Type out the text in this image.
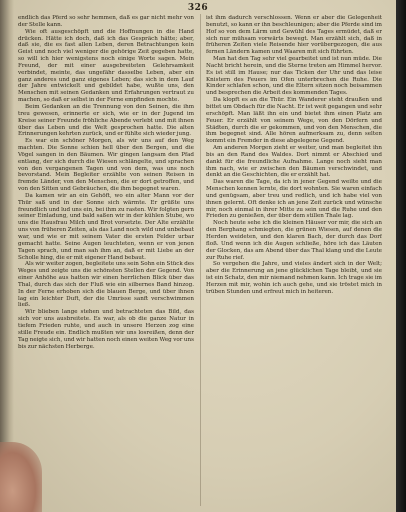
326

endlich das Pferd so sehr hemmen, daß es gar nicht mehr von der Stelle kann.

Wie oft ausgeschöpft und die Hoffnungen in die Hand drücken. Hätte ich doch, daß ich das Gespräch hätte; aber, daß sie, die es fast allen Leben, deren Betrachtungen kein Geist und noch viel weniger die gehörige Zeit gegeben hatte, so will ich hier wenigstens noch einige Worte sagen. Mein Freund, der mit einer ausgebreiteten Gelehrsamkeit verbindet, meinte, das ungefähr dasselbe Leben, aber ein ganz anderes und ganz eigenes Leben; das sich in dem Lauf der Jahre entwickelt und gebildet habe, wußte uns, den Menschen mit seinen Gedanken und Erfahrungen vertraut zu machen, so daß er selbst in der Ferne empfinden mochte.

Beim Gedanken an die Trennung von den Seinen, die ihm treu gewesen, erinnerte er sich, wie er in der Jugend im Kreise seiner Freunde fröhliche Abende verlebt und mit ihnen über das Leben und die Welt gesprochen hatte. Die alten Erinnerungen kehrten zurück, und er fühlte sich wieder jung.

Es war ein schöner Morgen, als wir uns auf den Weg machten. Die Sonne schien hell über den Bergen, und die Vögel sangen in den Bäumen. Wir gingen langsam den Pfad entlang, der sich durch die Wiesen schlängelte, und sprachen von den vergangenen Tagen und von dem, was uns noch bevorstand. Mein Begleiter erzählte von seinen Reisen in fremde Länder, von den Menschen, die er dort getroffen, und von den Sitten und Gebräuchen, die ihm begegnet waren.

Da kamen wir an ein Gehöft, wo ein alter Mann vor der Thür saß und in der Sonne sich wärmte. Er grüßte uns freundlich und lud uns ein, bei ihm zu rasten. Wir folgten gern seiner Einladung, und bald saßen wir in der kühlen Stube, wo uns die Hausfrau Milch und Brot vorsetzte. Der Alte erzählte uns von früheren Zeiten, als das Land noch wild und unbebaut war, und wie er mit seinem Vater die ersten Felder urbar gemacht hatte. Seine Augen leuchteten, wenn er von jenen Tagen sprach, und man sah ihm an, daß er mit Liebe an der Scholle hing, die er mit eigener Hand bebaut.

Als wir weiter zogen, begleitete uns sein Sohn ein Stück des Weges und zeigte uns die schönsten Stellen der Gegend. Von einer Anhöhe aus hatten wir einen herrlichen Blick über das Thal, durch das sich der Fluß wie ein silbernes Band hinzog. In der Ferne erhoben sich die blauen Berge, und über ihnen lag ein leichter Duft, der die Umrisse sanft verschwimmen ließ.

Wir blieben lange stehen und betrachteten das Bild, das sich vor uns ausbreitete. Es war, als ob die ganze Natur in tiefem Frieden ruhte, und auch in unsere Herzen zog eine stille Freude ein. Endlich mußten wir uns losreißen, denn der Tag neigte sich, und wir hatten noch einen weiten Weg vor uns bis zur nächsten Herberge.

ist ihm dadurch verschlossen. Wenn er aber die Gelegenheit benutzt, so kann er ihn beschleunigen; aber die Pferde sind im Hof so von dem Lärm und Gewühl des Tages ermüdet, daß er sich nur mühsam vorwärts bewegt. Man erzählt sich, daß in früheren Zeiten viele Reisende hier vorübergezogen, die aus fernen Ländern kamen und Waaren mit sich führten.

Man hat den Tag sehr viel gearbeitet und ist nun müde. Die Nacht bricht herein, und die Sterne treten am Himmel hervor. Es ist still im Hause; nur das Ticken der Uhr und das leise Knistern des Feuers im Ofen unterbrechen die Ruhe. Die Kinder schlafen schon, und die Eltern sitzen noch beisammen und besprechen die Arbeit des kommenden Tages.

Da klopft es an die Thür. Ein Wanderer steht draußen und bittet um Obdach für die Nacht. Er ist weit gegangen und sehr erschöpft. Man läßt ihn ein und bietet ihm einen Platz am Feuer. Er erzählt von seinem Wege, von den Dörfern und Städten, durch die er gekommen, und von den Menschen, die ihm begegnet sind. Alle hören aufmerksam zu, denn selten kommt ein Fremder in diese abgelegene Gegend.

Am anderen Morgen zieht er weiter, und man begleitet ihn bis an den Rand des Waldes. Dort nimmt er Abschied und dankt für die freundliche Aufnahme. Lange noch sieht man ihm nach, wie er zwischen den Bäumen verschwindet, und denkt an die Geschichten, die er erzählt hat.

Das waren die Tage, da ich in jener Gegend weilte und die Menschen kennen lernte, die dort wohnten. Sie waren einfach und genügsam, aber treu und redlich, und ich habe viel von ihnen gelernt. Oft denke ich an jene Zeit zurück und wünsche mir, noch einmal in ihrer Mitte zu sein und die Ruhe und den Frieden zu genießen, der über dem stillen Thale lag.

Noch heute sehe ich die kleinen Häuser vor mir, die sich an den Berghang schmiegten, die grünen Wiesen, auf denen die Herden weideten, und den klaren Bach, der durch das Dorf floß. Und wenn ich die Augen schließe, höre ich das Läuten der Glocken, das am Abend über das Thal klang und die Leute zur Ruhe rief.

So vergehen die Jahre, und vieles ändert sich in der Welt; aber die Erinnerung an jene glücklichen Tage bleibt, und sie ist ein Schatz, den mir niemand nehmen kann. Ich trage sie im Herzen mit mir, wohin ich auch gehe, und sie tröstet mich in trüben Stunden und erfreut mich in heiteren.
